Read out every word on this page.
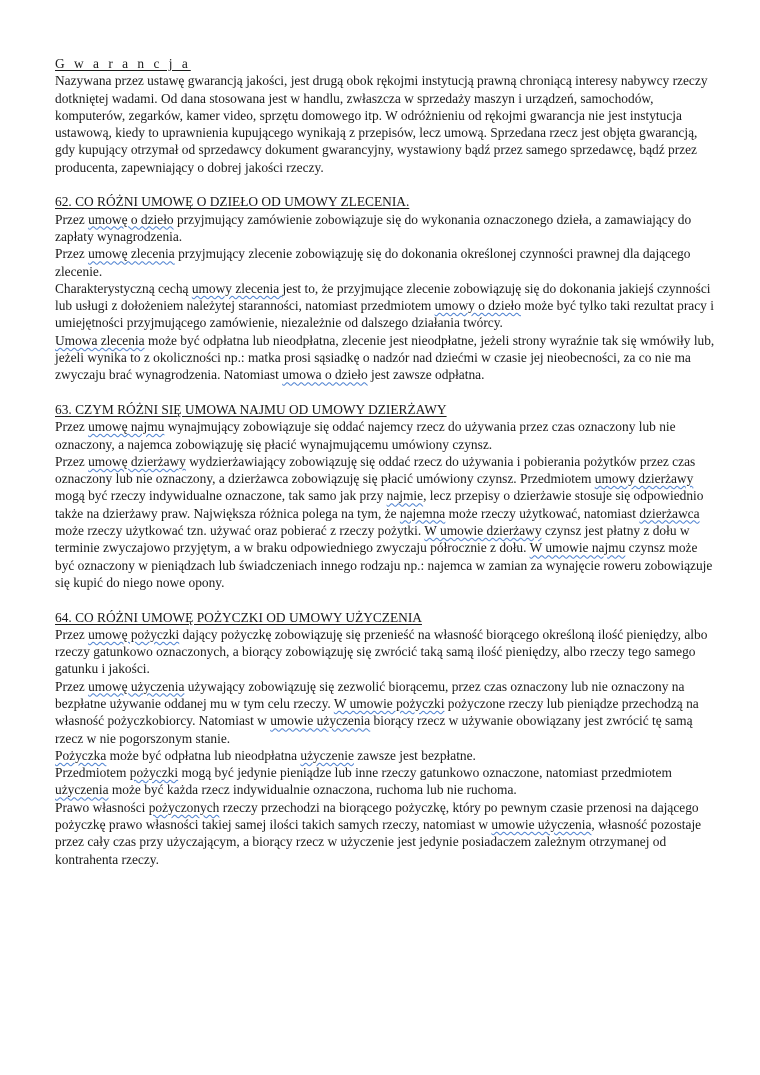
G w a r a n c j a

Nazywana przez ustawę gwarancją jakości, jest drugą obok rękojmi instytucją prawną chroniącą interesy nabywcy rzeczy dotkniętej wadami. Od dana stosowana jest w handlu, zwłaszcza w sprzedaży maszyn i urządzeń, samochodów, komputerów, zegarków, kamer video, sprzętu domowego itp. W odróżnieniu od rękojmi gwarancja nie jest instytucja ustawową, kiedy to uprawnienia kupującego wynikają z przepisów, lecz umową. Sprzedana rzecz jest objęta gwarancją, gdy kupujący otrzymał od sprzedawcy dokument gwarancyjny, wystawiony bądź przez samego sprzedawcę, bądź przez producenta, zapewniający o dobrej jakości rzeczy.

62. CO RÓŻNI UMOWĘ O DZIEŁO OD UMOWY ZLECENIA.

Przez umowę o dzieło przyjmujący zamówienie zobowiązuje się do wykonania oznaczonego dzieła, a zamawiający do zapłaty wynagrodzenia.

Przez umowę zlecenia przyjmujący zlecenie zobowiązuję się do dokonania określonej czynności prawnej dla dającego zlecenie.

Charakterystyczną cechą umowy zlecenia jest to, że przyjmujące zlecenie zobowiązuję się do dokonania jakiejś czynności lub usługi z dołożeniem należytej staranności, natomiast przedmiotem umowy o dzieło może być tylko taki rezultat pracy i umiejętności przyjmującego zamówienie, niezależnie od dalszego działania twórcy.

Umowa zlecenia może być odpłatna lub nieodpłatna, zlecenie jest nieodpłatne, jeżeli strony wyraźnie tak się wmówiły lub, jeżeli wynika to z okoliczności np.: matka prosi sąsiadkę o nadzór nad dziećmi w czasie jej nieobecności, za co nie ma zwyczaju brać wynagrodzenia. Natomiast umowa o dzieło jest zawsze odpłatna.

63. CZYM RÓŻNI SIĘ UMOWA NAJMU OD UMOWY DZIERŻAWY

Przez umowę najmu wynajmujący zobowiązuje się oddać najemcy rzecz do używania przez czas oznaczony lub nie oznaczony, a najemca zobowiązuję się płacić wynajmującemu umówiony czynsz.

Przez umowę dzierżawy wydzierżawiający zobowiązuję się oddać rzecz do używania i pobierania pożytków przez czas oznaczony lub nie oznaczony, a dzierżawca zobowiązuję się płacić umówiony czynsz. Przedmiotem umowy dzierżawy mogą być rzeczy indywidualne oznaczone, tak samo jak przy najmie, lecz przepisy o dzierżawie stosuje się odpowiednio także na dzierżawy praw. Największa różnica polega na tym, że najemna może rzeczy użytkować, natomiast dzierżawca może rzeczy użytkować tzn. używać oraz pobierać z rzeczy pożytki. W umowie dzierżawy czynsz jest płatny z dołu w terminie zwyczajowo przyjętym, a w braku odpowiedniego zwyczaju półrocznie z dołu. W umowie najmu czynsz może być oznaczony w pieniądzach lub świadczeniach innego rodzaju np.: najemca w zamian za wynajęcie roweru zobowiązuje się kupić do niego nowe opony.

64. CO RÓŻNI UMOWĘ POŻYCZKI OD UMOWY UŻYCZENIA

Przez umowę pożyczki dający pożyczkę zobowiązuję się przenieść na własność biorącego określoną ilość pieniędzy, albo rzeczy gatunkowo oznaczonych, a biorący zobowiązuję się zwrócić taką samą ilość pieniędzy, albo rzeczy tego samego gatunku i jakości.

Przez umowę użyczenia używający zobowiązuję się zezwolić biorącemu, przez czas oznaczony lub nie oznaczony na bezpłatne używanie oddanej mu w tym celu rzeczy. W umowie pożyczki pożyczone rzeczy lub pieniądze przechodzą na własność pożyczkobiorcy. Natomiast w umowie użyczenia biorący rzecz w używanie obowiązany jest zwrócić tę samą rzecz w nie pogorszonym stanie.

Pożyczka może być odpłatna lub nieodpłatna użyczenie zawsze jest bezpłatne.

Przedmiotem pożyczki mogą być jedynie pieniądze lub inne rzeczy gatunkowo oznaczone, natomiast przedmiotem użyczenia może być każda rzecz indywidualnie oznaczona, ruchoma lub nie ruchoma.

Prawo własności pożyczonych rzeczy przechodzi na biorącego pożyczkę, który po pewnym czasie przenosi na dającego pożyczkę prawo własności takiej samej ilości takich samych rzeczy, natomiast w umowie użyczenia, własność pozostaje przez cały czas przy użyczającym, a biorący rzecz w użyczenie jest jedynie posiadaczem zależnym otrzymanej od kontrahenta rzeczy.
